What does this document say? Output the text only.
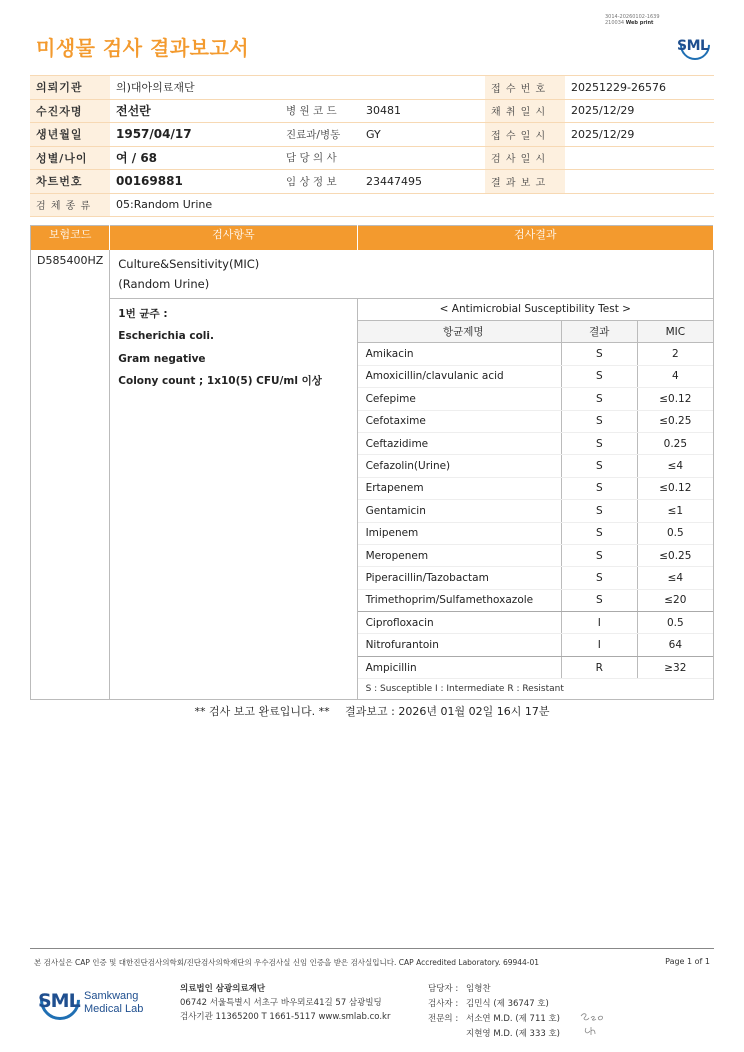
3014-20260102-1639
210034 Web print
미생물 검사 결과보고서	SML
의뢰기관	의)대아의료재단			접 수 번 호	20251229-26576
수진자명	전선란	병 원 코 드	30481	채 취 일 시	2025/12/29
생년월일	1957/04/17	진료과/병동	GY	접 수 일 시	2025/12/29
성별/나이	여 / 68	담 당 의 사		검 사 일 시	
차트번호	00169881	임 상 정 보	23447495	결 과 보 고	
검 체 종 류	05:Random Urine				
보험코드	검사항목	검사결과
D585400HZ	Culture&Sensitivity(MIC)
(Random Urine)

1번 균주 :
Escherichia coli.
Gram negative
Colony count ; 1x10(5) CFU/ml 이상

< Antimicrobial Susceptibility Test >
항균제명	결과	MIC
Amikacin	S	2
Amoxicillin/clavulanic acid	S	4
Cefepime	S	≤0.12
Cefotaxime	S	≤0.25
Ceftazidime	S	0.25
Cefazolin(Urine)	S	≤4
Ertapenem	S	≤0.12
Gentamicin	S	≤1
Imipenem	S	0.5
Meropenem	S	≤0.25
Piperacillin/Tazobactam	S	≤4
Trimethoprim/Sulfamethoxazole	S	≤20
Ciprofloxacin	I	0.5
Nitrofurantoin	I	64
Ampicillin	R	≥32
S : Susceptible I : Intermediate R : Resistant
** 검사 보고 완료입니다. ** 결과보고 : 2026년 01월 02일 16시 17분
본 검사실은 CAP 인증 및 대한진단검사의학회/진단검사의학재단의 우수검사실 신임 인증을 받은 검사실입니다. CAP Accredited Laboratory. 69944-01	Page 1 of 1
SML Samkwang
Medical Lab
의료법인 삼광의료재단
06742 서울특별시 서초구 바우뫼로41길 57 삼광빌딩
검사기관 11365200 T 1661-5117 www.smlab.co.kr
담당자 : 임형찬
검사자 : 김민식 (제 36747 호)
전문의 : 서소연 M.D. (제 711 호)
지현영 M.D. (제 333 호)
